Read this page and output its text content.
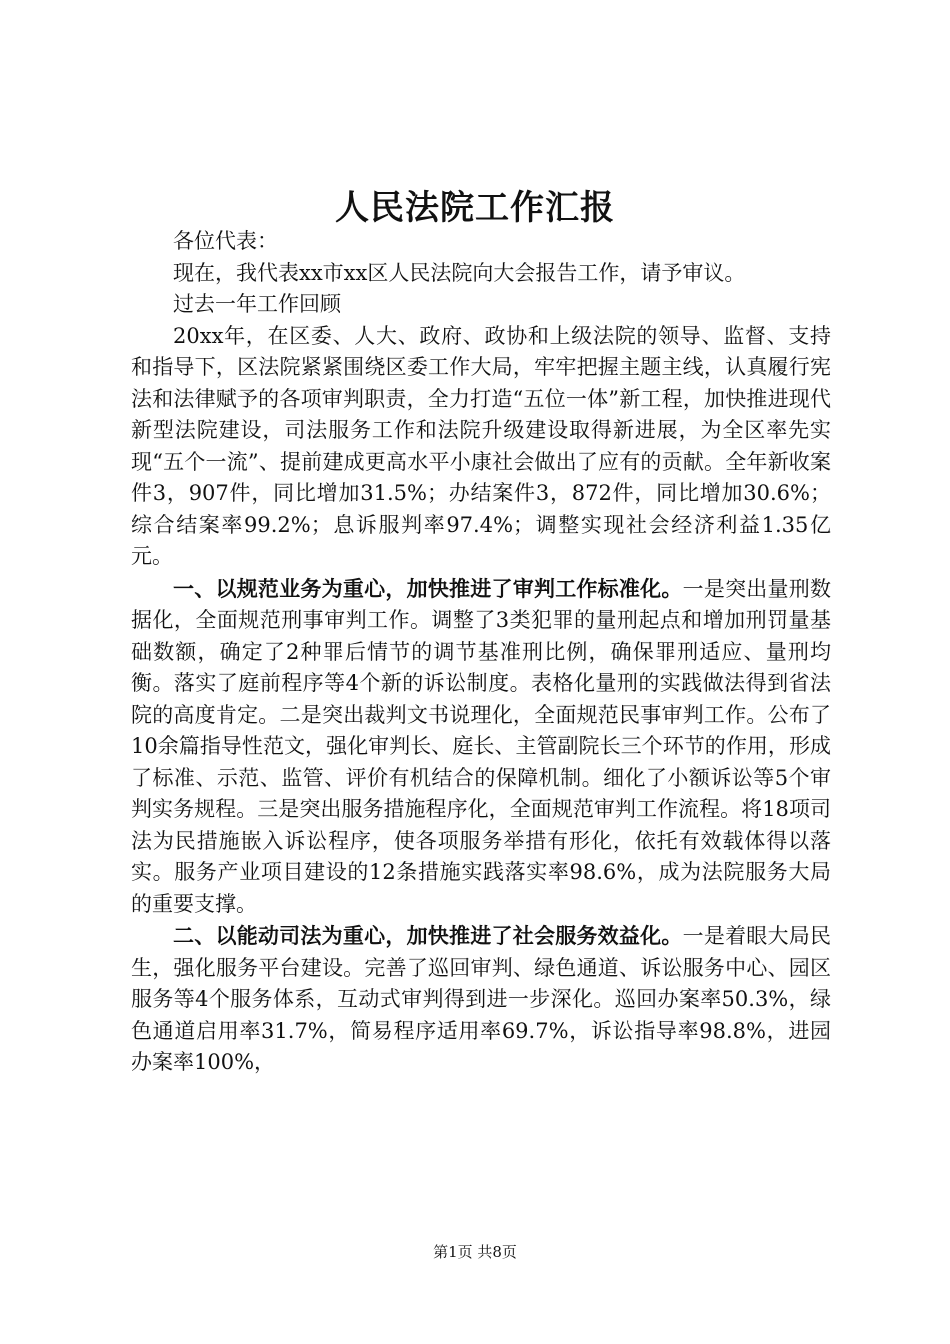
人民法院工作汇报

各位代表：

现在，我代表xx市xx区人民法院向大会报告工作，请予审议。

过去一年工作回顾

20xx年，在区委、人大、政府、政协和上级法院的领导、监督、支持和指导下，区法院紧紧围绕区委工作大局，牢牢把握主题主线，认真履行宪法和法律赋予的各项审判职责，全力打造“五位一体”新工程，加快推进现代新型法院建设，司法服务工作和法院升级建设取得新进展，为全区率先实现“五个一流”、提前建成更高水平小康社会做出了应有的贡献。全年新收案件3，907件，同比增加31.5%；办结案件3，872件，同比增加30.6%；综合结案率99.2%；息诉服判率97.4%；调整实现社会经济利益1.35亿元。

一、以规范业务为重心，加快推进了审判工作标准化。一是突出量刑数据化，全面规范刑事审判工作。调整了3类犯罪的量刑起点和增加刑罚量基础数额，确定了2种罪后情节的调节基准刑比例，确保罪刑适应、量刑均衡。落实了庭前程序等4个新的诉讼制度。表格化量刑的实践做法得到省法院的高度肯定。二是突出裁判文书说理化，全面规范民事审判工作。公布了10余篇指导性范文，强化审判长、庭长、主管副院长三个环节的作用，形成了标准、示范、监管、评价有机结合的保障机制。细化了小额诉讼等5个审判实务规程。三是突出服务措施程序化，全面规范审判工作流程。将18项司法为民措施嵌入诉讼程序，使各项服务举措有形化，依托有效载体得以落实。服务产业项目建设的12条措施实践落实率98.6%，成为法院服务大局的重要支撑。

二、以能动司法为重心，加快推进了社会服务效益化。一是着眼大局民生，强化服务平台建设。完善了巡回审判、绿色通道、诉讼服务中心、园区服务等4个服务体系，互动式审判得到进一步深化。巡回办案率50.3%，绿色通道启用率31.7%，简易程序适用率69.7%，诉讼指导率98.8%，进园办案率100%，

第1页 共8页
